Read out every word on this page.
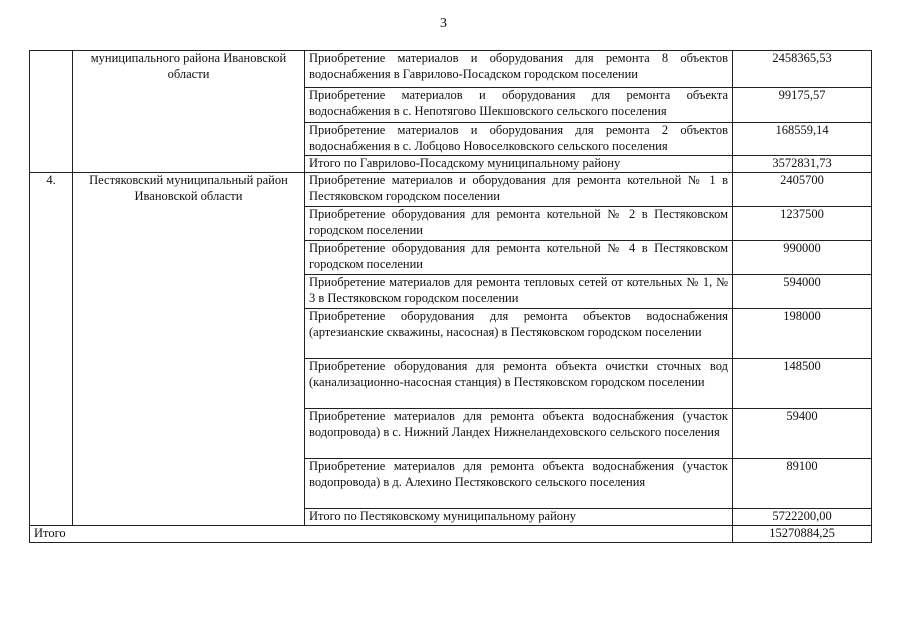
3
	муниципального района Ивановской области	Приобретение материалов и оборудования для ремонта 8 объектов водоснабжения в Гаврилово-Посадском городском поселении	2458365,53
		Приобретение материалов и оборудования для ремонта объекта водоснабжения в с. Непотягово Шекшовского сельского поселения	99175,57
		Приобретение материалов и оборудования для ремонта 2 объектов водоснабжения в с. Лобцово Новоселковского сельского поселения	168559,14
		Итого по Гаврилово-Посадскому муниципальному району	3572831,73
4.	Пестяковский муниципальный район Ивановской области	Приобретение материалов и оборудования для ремонта котельной № 1 в Пестяковском городском поселении	2405700
		Приобретение оборудования для ремонта котельной № 2 в Пестяковском городском поселении	1237500
		Приобретение оборудования для ремонта котельной № 4 в Пестяковском городском поселении	990000
		Приобретение материалов для ремонта тепловых сетей от котельных № 1, № 3 в Пестяковском городском поселении	594000
		Приобретение оборудования для ремонта объектов водоснабжения (артезианские скважины, насосная) в Пестяковском городском поселении	198000
		Приобретение оборудования для ремонта объекта очистки сточных вод (канализационно-насосная станция) в Пестяковском городском поселении	148500
		Приобретение материалов для ремонта объекта водоснабжения (участок водопровода) в с. Нижний Ландех Нижнеландеховского сельского поселения	59400
		Приобретение материалов для ремонта объекта водоснабжения (участок водопровода) в д. Алехино Пестяковского сельского поселения	89100
		Итого по Пестяковскому муниципальному району	5722200,00
Итого			15270884,25
